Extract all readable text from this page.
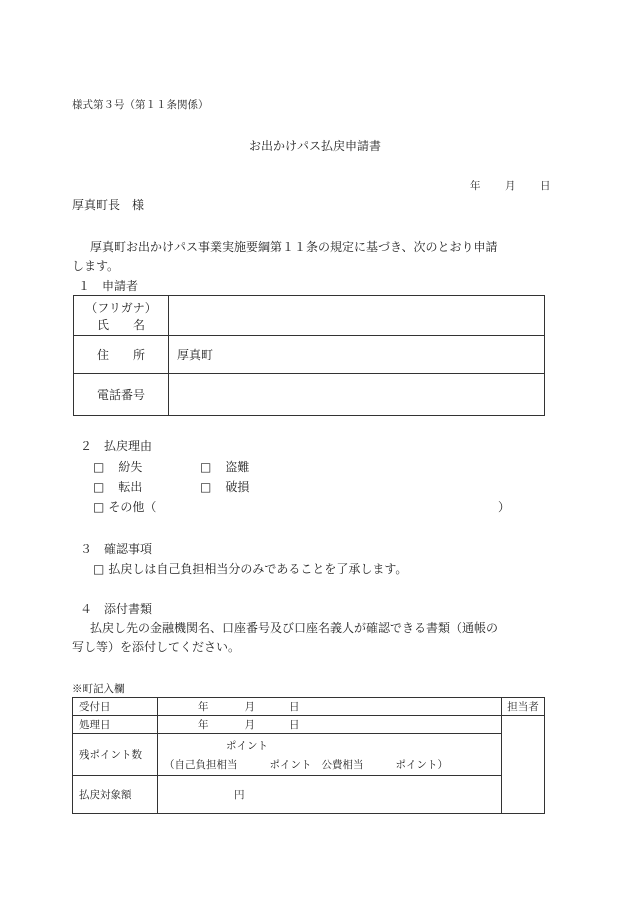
様式第３号（第１１条関係）
お出かけパス払戻申請書
年 月 日
厚真町長　様
厚真町お出かけパス事業実施要綱第１１条の規定に基づき、次のとおり申請
します。
１　申請者
（フリガナ）
氏　　名	

住　　所	厚真町
電話番号	
２　払戻理由
□ 紛失	□ 盗難
□ 転出	□ 破損
□ その他（	）
３　確認事項
□ 払戻しは自己負担相当分のみであることを了承します。
４　添付書類
払戻し先の金融機関名、口座番号及び口座名義人が確認できる書類（通帳の
写し等）を添付してください。
※町記入欄
受付日	年 月 日	担当者
処理日	年 月 日	
残ポイント数	ポイント
（自己負担相当 ポイント 公費相当 ポイント）	

払戻対象額	円	
